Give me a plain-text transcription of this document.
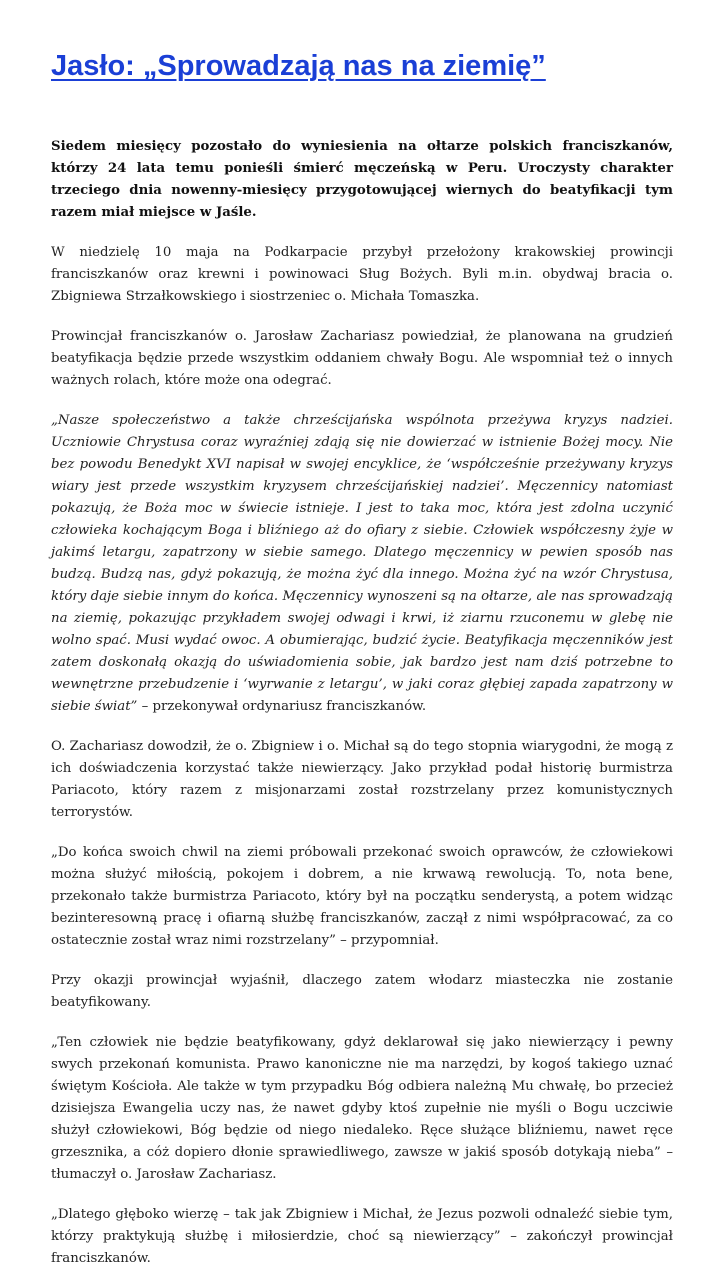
Jasło: „Sprowadzają nas na ziemię”

Siedem miesięcy pozostało do wyniesienia na ołtarze polskich franciszkanów, którzy 24 lata temu ponieśli śmierć męczeńską w Peru. Uroczysty charakter trzeciego dnia nowenny-miesięcy przygotowującej wiernych do beatyfikacji tym razem miał miejsce w Jaśle.

W niedzielę 10 maja na Podkarpacie przybył przełożony krakowskiej prowincji franciszkanów oraz krewni i powinowaci Sług Bożych. Byli m.in. obydwaj bracia o. Zbigniewa Strzałkowskiego i siostrzeniec o. Michała Tomaszka.

Prowincjał franciszkanów o. Jarosław Zachariasz powiedział, że planowana na grudzień beatyfikacja będzie przede wszystkim oddaniem chwały Bogu. Ale wspomniał też o innych ważnych rolach, które może ona odegrać.

„Nasze społeczeństwo a także chrześcijańska wspólnota przeżywa kryzys nadziei. Uczniowie Chrystusa coraz wyraźniej zdają się nie dowierzać w istnienie Bożej mocy. Nie bez powodu Benedykt XVI napisał w swojej encyklice, że ‘współcześnie przeżywany kryzys wiary jest przede wszystkim kryzysem chrześcijańskiej nadziei’. Męczennicy natomiast pokazują, że Boża moc w świecie istnieje. I jest to taka moc, która jest zdolna uczynić człowieka kochającym Boga i bliźniego aż do ofiary z siebie. Człowiek współczesny żyje w jakimś letargu, zapatrzony w siebie samego. Dlatego męczennicy w pewien sposób nas budzą. Budzą nas, gdyż pokazują, że można żyć dla innego. Można żyć na wzór Chrystusa, który daje siebie innym do końca. Męczennicy wynoszeni są na ołtarze, ale nas sprowadzają na ziemię, pokazując przykładem swojej odwagi i krwi, iż ziarnu rzuconemu w glebę nie wolno spać. Musi wydać owoc. A obumierając, budzić życie. Beatyfikacja męczenników jest zatem doskonałą okazją do uświadomienia sobie, jak bardzo jest nam dziś potrzebne to wewnętrzne przebudzenie i ‘wyrwanie z letargu’, w jaki coraz głębiej zapada zapatrzony w siebie świat” – przekonywał ordynariusz franciszkanów.

O. Zachariasz dowodził, że o. Zbigniew i o. Michał są do tego stopnia wiarygodni, że mogą z ich doświadczenia korzystać także niewierzący. Jako przykład podał historię burmistrza Pariacoto, który razem z misjonarzami został rozstrzelany przez komunistycznych terrorystów.

„Do końca swoich chwil na ziemi próbowali przekonać swoich oprawców, że człowiekowi można służyć miłością, pokojem i dobrem, a nie krwawą rewolucją. To, nota bene, przekonało także burmistrza Pariacoto, który był na początku senderystą, a potem widząc bezinteresowną pracę i ofiarną służbę franciszkanów, zaczął z nimi współpracować, za co ostatecznie został wraz nimi rozstrzelany” – przypomniał.

Przy okazji prowincjał wyjaśnił, dlaczego zatem włodarz miasteczka nie zostanie beatyfikowany.

„Ten człowiek nie będzie beatyfikowany, gdyż deklarował się jako niewierzący i pewny swych przekonań komunista. Prawo kanoniczne nie ma narzędzi, by kogoś takiego uznać świętym Kościoła. Ale także w tym przypadku Bóg odbiera należną Mu chwałę, bo przecież dzisiejsza Ewangelia uczy nas, że nawet gdyby ktoś zupełnie nie myśli o Bogu uczciwie służył człowiekowi, Bóg będzie od niego niedaleko. Ręce służące bliźniemu, nawet ręce grzesznika, a cóż dopiero dłonie sprawiedliwego, zawsze w jakiś sposób dotykają nieba” – tłumaczył o. Jarosław Zachariasz.

„Dlatego głęboko wierzę – tak jak Zbigniew i Michał, że Jezus pozwoli odnaleźć siebie tym, którzy praktykują służbę i miłosierdzie, choć są niewierzący” – zakończył prowincjał franciszkanów.
